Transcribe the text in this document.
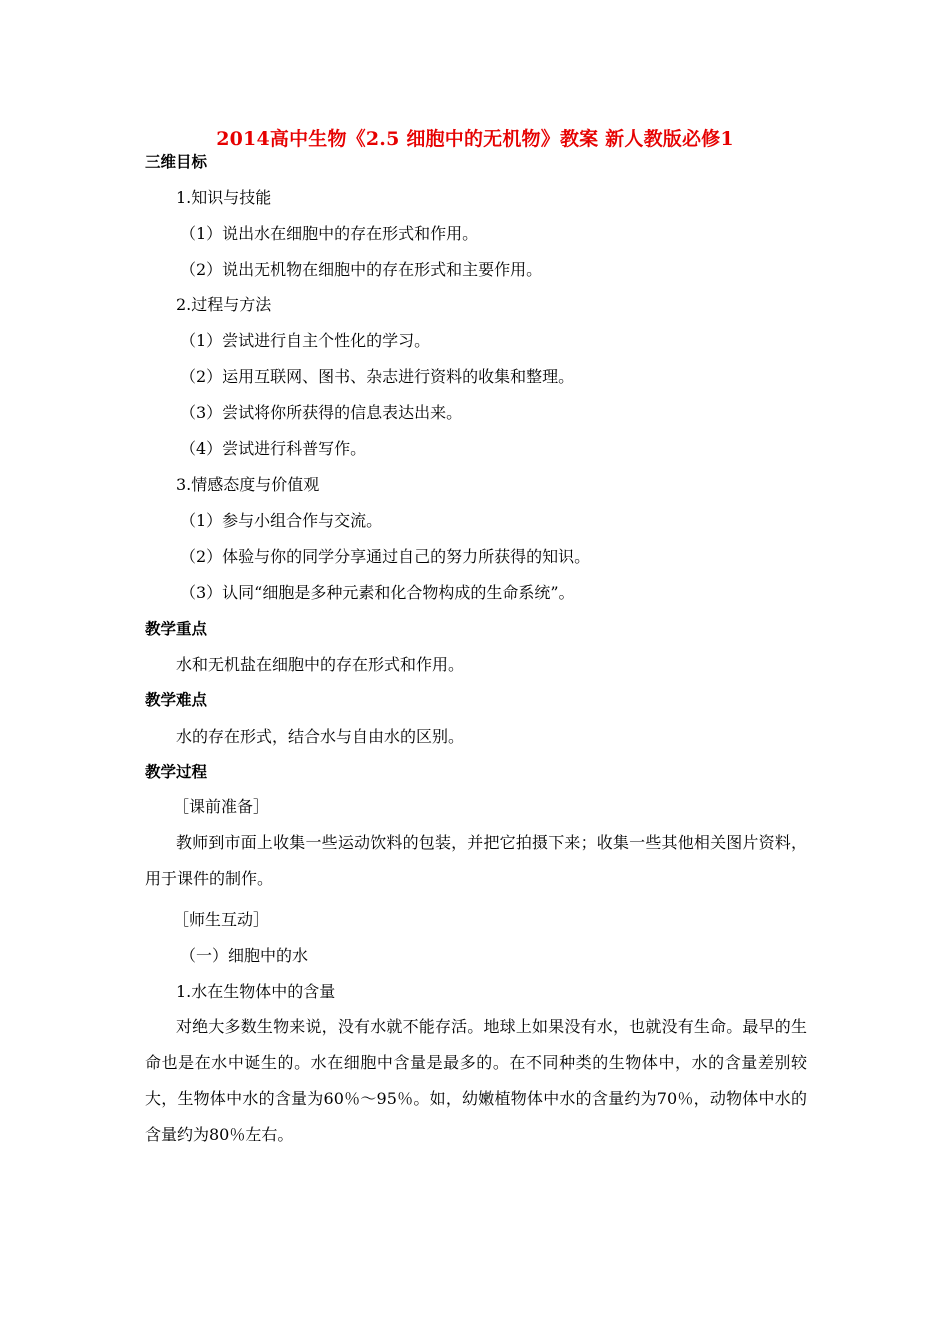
2014高中生物《2.5 细胞中的无机物》教案 新人教版必修1
三维目标
1.知识与技能
（1）说出水在细胞中的存在形式和作用。
（2）说出无机物在细胞中的存在形式和主要作用。
2.过程与方法
（1）尝试进行自主个性化的学习。
（2）运用互联网、图书、杂志进行资料的收集和整理。
（3）尝试将你所获得的信息表达出来。
（4）尝试进行科普写作。
3.情感态度与价值观
（1）参与小组合作与交流。
（2）体验与你的同学分享通过自己的努力所获得的知识。
（3）认同“细胞是多种元素和化合物构成的生命系统”。
教学重点
水和无机盐在细胞中的存在形式和作用。
教学难点
水的存在形式，结合水与自由水的区别。
教学过程
［课前准备］
教师到市面上收集一些运动饮料的包装，并把它拍摄下来；收集一些其他相关图片资料，用于课件的制作。
［师生互动］
（一）细胞中的水
1.水在生物体中的含量
对绝大多数生物来说，没有水就不能存活。地球上如果没有水，也就没有生命。最早的生命也是在水中诞生的。水在细胞中含量是最多的。在不同种类的生物体中，水的含量差别较大，生物体中水的含量为60％～95％。如，幼嫩植物体中水的含量约为70％，动物体中水的含量约为80％左右。
